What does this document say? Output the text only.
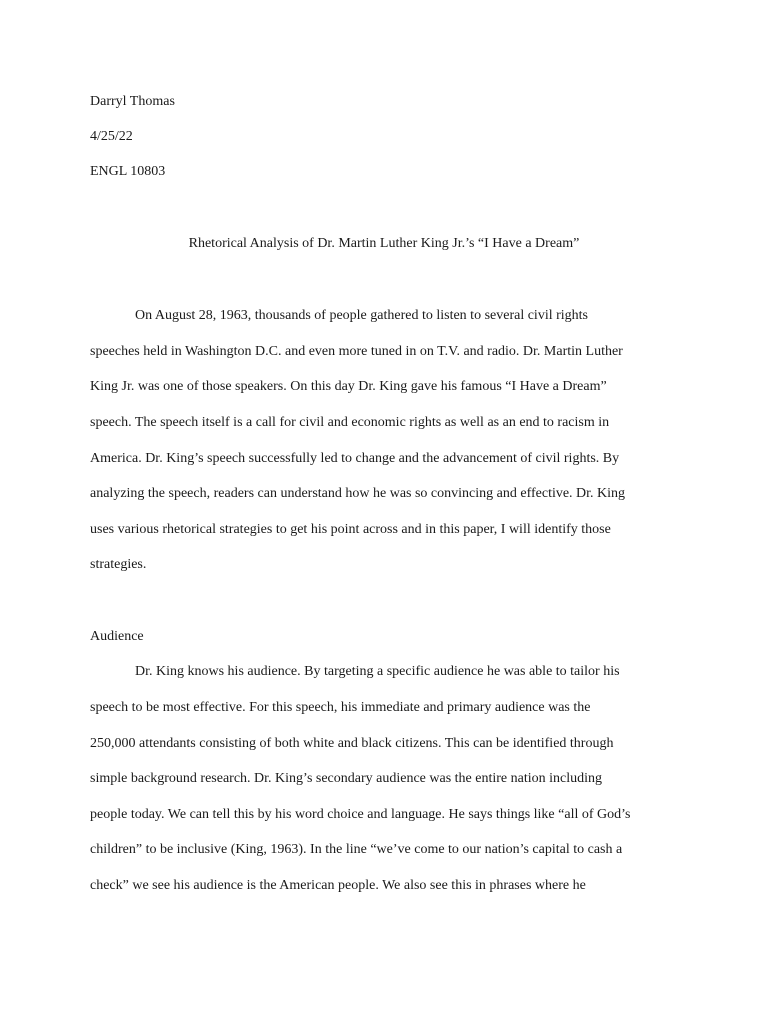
Darryl Thomas
4/25/22
ENGL 10803
Rhetorical Analysis of Dr. Martin Luther King Jr.’s “I Have a Dream”
On August 28, 1963, thousands of people gathered to listen to several civil rights
speeches held in Washington D.C. and even more tuned in on T.V. and radio. Dr. Martin Luther
King Jr. was one of those speakers. On this day Dr. King gave his famous “I Have a Dream”
speech. The speech itself is a call for civil and economic rights as well as an end to racism in
America. Dr. King’s speech successfully led to change and the advancement of civil rights. By
analyzing the speech, readers can understand how he was so convincing and effective. Dr. King
uses various rhetorical strategies to get his point across and in this paper, I will identify those
strategies.
Audience
Dr. King knows his audience. By targeting a specific audience he was able to tailor his
speech to be most effective. For this speech, his immediate and primary audience was the
250,000 attendants consisting of both white and black citizens. This can be identified through
simple background research. Dr. King’s secondary audience was the entire nation including
people today. We can tell this by his word choice and language. He says things like “all of God’s
children” to be inclusive (King, 1963). In the line “we’ve come to our nation’s capital to cash a
check” we see his audience is the American people. We also see this in phrases where he
